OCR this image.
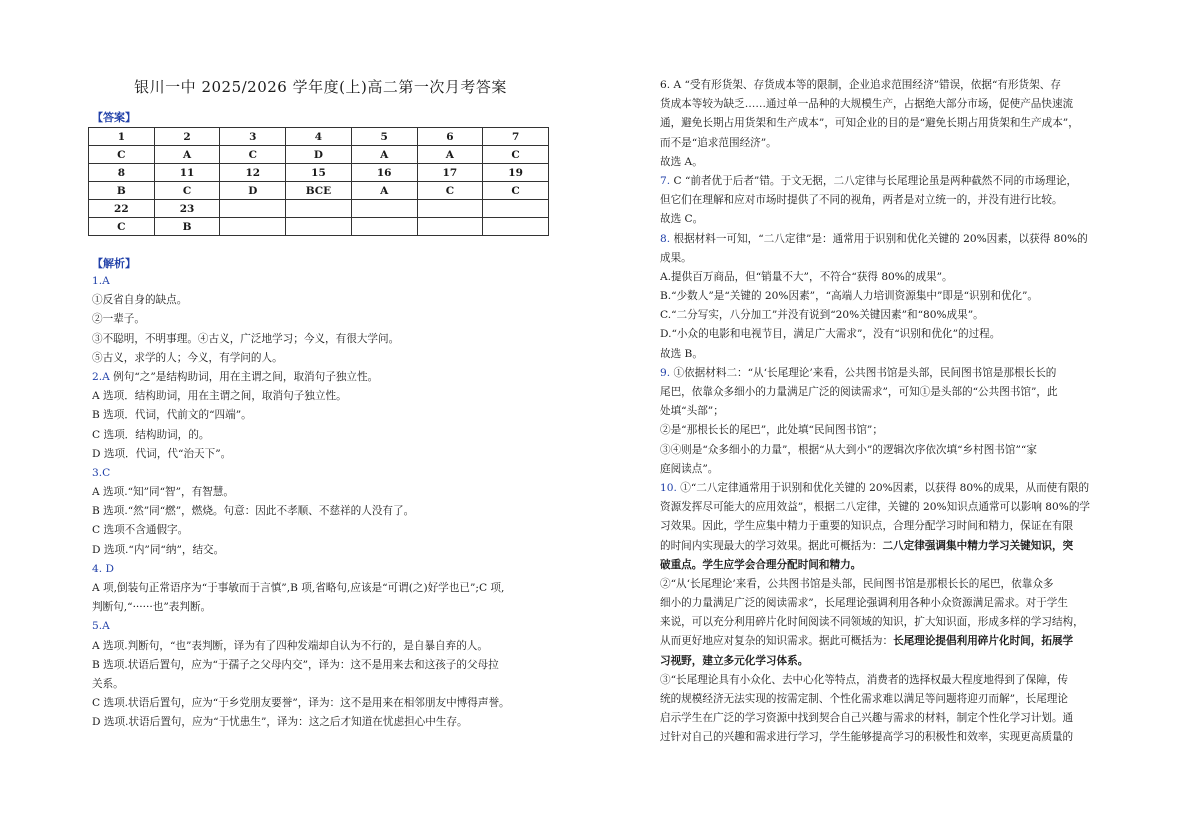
银川一中 2025/2026 学年度(上)高二第一次月考答案
【答案】
1	2	3	4	5	6	7
C	A	C	D	A	A	C
8	11	12	15	16	17	19
B	C	D	BCE	A	C	C
22	23					
C	B					
【解析】
1.A
①反省自身的缺点。
②一辈子。
③不聪明，不明事理。④古义，广泛地学习；今义，有很大学问。
⑤古义，求学的人；今义，有学问的人。
2.A 例句“之”是结构助词，用在主谓之间，取消句子独立性。
A 选项．结构助词，用在主谓之间，取消句子独立性。
B 选项．代词，代前文的“四端”。
C 选项．结构助词，的。
D 选项．代词，代“治天下”。
3.C
A 选项.“知”同“智”，有智慧。
B 选项.“然”同“燃”，燃烧。句意：因此不孝顺、不慈祥的人没有了。
C 选项不含通假字。
D 选项.“内”同“纳”，结交。
4. D
A 项,倒装句正常语序为“于事敏而于言慎”,B 项,省略句,应该是“可谓(之)好学也已”;C 项,
判断句,“······也”表判断。
5.A
A 选项.判断句，“也”表判断，译为有了四种发端却自认为不行的，是自暴自弃的人。
B 选项.状语后置句，应为“于孺子之父母内交”，译为：这不是用来去和这孩子的父母拉
关系。
C 选项.状语后置句，应为“于乡党朋友要誉”，译为：这不是用来在相邻朋友中博得声誉。
D 选项.状语后置句，应为“于忧患生”，译为：这之后才知道在忧虑担心中生存。
6. A “受有形货架、存货成本等的限制，企业追求范围经济”错误，依据“有形货架、存
货成本等较为缺乏……通过单一品种的大规模生产，占据绝大部分市场，促使产品快速流
通，避免长期占用货架和生产成本”，可知企业的目的是“避免长期占用货架和生产成本”，
而不是“追求范围经济”。
故选 A。
7. C “前者优于后者”错。于文无据，二八定律与长尾理论虽是两种截然不同的市场理论，
但它们在理解和应对市场时提供了不同的视角，两者是对立统一的，并没有进行比较。
故选 C。
8. 根据材料一可知，“二八定律”是：通常用于识别和优化关键的 20%因素，以获得 80%的
成果。
A.提供百万商品，但“销量不大”，不符合“获得 80%的成果”。
B.“少数人”是“关键的 20%因素”，“高端人力培训资源集中”即是“识别和优化”。
C.“二分写实，八分加工”并没有说到“20%关键因素”和“80%成果”。
D.“小众的电影和电视节目，满足广大需求”，没有“识别和优化”的过程。
故选 B。
9. ①依据材料二：“从‘长尾理论’来看，公共图书馆是头部，民间图书馆是那根长长的
尾巴，依靠众多细小的力量满足广泛的阅读需求”，可知①是头部的“公共图书馆”，此
处填“头部”；
②是“那根长长的尾巴”，此处填“民间图书馆”；
③④则是“众多细小的力量”，根据“从大到小”的逻辑次序依次填“乡村图书馆”“家
庭阅读点”。
10. ①“二八定律通常用于识别和优化关键的 20%因素，以获得 80%的成果，从而使有限的
资源发挥尽可能大的应用效益”，根据二八定律，关键的 20%知识点通常可以影响 80%的学
习效果。因此，学生应集中精力于重要的知识点，合理分配学习时间和精力，保证在有限
的时间内实现最大的学习效果。据此可概括为：二八定律强调集中精力学习关键知识，突
破重点。学生应学会合理分配时间和精力。
②“从‘长尾理论’来看，公共图书馆是头部，民间图书馆是那根长长的尾巴，依靠众多
细小的力量满足广泛的阅读需求”，长尾理论强调利用各种小众资源满足需求。对于学生
来说，可以充分利用碎片化时间阅读不同领域的知识，扩大知识面，形成多样的学习结构，
从而更好地应对复杂的知识需求。据此可概括为：长尾理论提倡利用碎片化时间，拓展学
习视野，建立多元化学习体系。
③“长尾理论具有小众化、去中心化等特点，消费者的选择权最大程度地得到了保障，传
统的规模经济无法实现的按需定制、个性化需求难以满足等问题将迎刃而解”，长尾理论
启示学生在广泛的学习资源中找到契合自己兴趣与需求的材料，制定个性化学习计划。通
过针对自己的兴趣和需求进行学习，学生能够提高学习的积极性和效率，实现更高质量的
